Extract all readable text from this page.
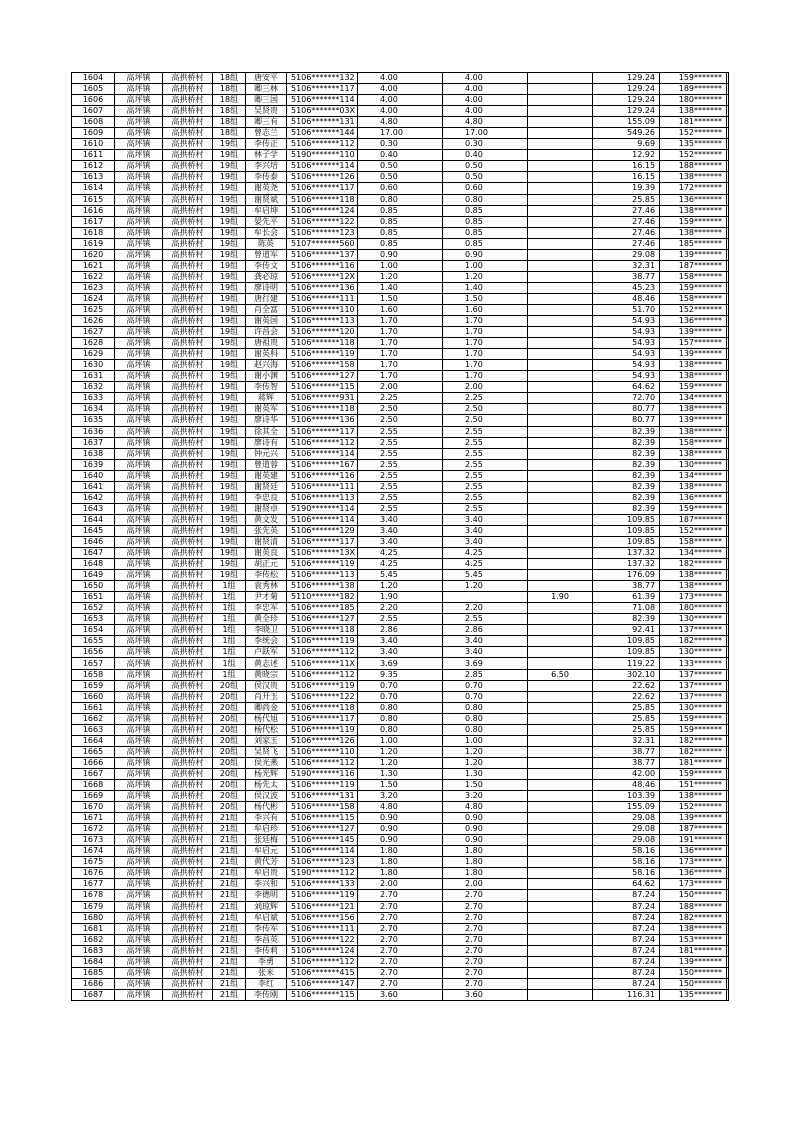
1604	高坪镇	高拱桥村	18组	唐安平	5106*******132	4.00	4.00		129.24	159*******	
1605	高坪镇	高拱桥村	18组	卿三林	5106*******117	4.00	4.00		129.24	189*******	
1606	高坪镇	高拱桥村	18组	卿三国	5106*******114	4.00	4.00		129.24	180*******	
1607	高坪镇	高拱桥村	18组	吴贤贵	5106*******03X	4.00	4.00		129.24	138*******	
1608	高坪镇	高拱桥村	18组	卿三有	5106*******131	4.80	4.80		155.09	181*******	
1609	高坪镇	高拱桥村	18组	曾志兰	5106*******144	17.00	17.00		549.26	152*******	
1610	高坪镇	高拱桥村	19组	李传正	5106*******112	0.30	0.30		9.69	135*******	
1611	高坪镇	高拱桥村	19组	林子学	5190*******110	0.40	0.40		12.92	152*******	
1612	高坪镇	高拱桥村	19组	李兴培	5106*******114	0.50	0.50		16.15	188*******	
1613	高坪镇	高拱桥村	19组	李传泰	5106*******126	0.50	0.50		16.15	138*******	
1614	高坪镇	高拱桥村	19组	谢英尧	5106*******117	0.60	0.60		19.39	172*******	
1615	高坪镇	高拱桥村	19组	谢贤斌	5106*******118	0.80	0.80		25.85	136*******	
1616	高坪镇	高拱桥村	19组	牟启坤	5106*******124	0.85	0.85		27.46	138*******	
1617	高坪镇	高拱桥村	19组	晏先平	5106*******122	0.85	0.85		27.46	159*******	
1618	高坪镇	高拱桥村	19组	牟长会	5106*******123	0.85	0.85		27.46	138*******	
1619	高坪镇	高拱桥村	19组	陈英	5107*******560	0.85	0.85		27.46	185*******	
1620	高坪镇	高拱桥村	19组	曾道军	5106*******137	0.90	0.90		29.08	139*******	
1621	高坪镇	高拱桥村	19组	李传文	5106*******116	1.00	1.00		32.31	187*******	
1622	高坪镇	高拱桥村	19组	龚必琼	5106*******12X	1.20	1.20		38.77	158*******	
1623	高坪镇	高拱桥村	19组	廖诗明	5106*******136	1.40	1.40		45.23	159*******	
1624	高坪镇	高拱桥村	19组	唐行建	5106*******111	1.50	1.50		48.46	158*******	
1625	高坪镇	高拱桥村	19组	肖全富	5106*******110	1.60	1.60		51.70	152*******	
1626	高坪镇	高拱桥村	19组	谢英国	5106*******113	1.70	1.70		54.93	136*******	
1627	高坪镇	高拱桥村	19组	许昌会	5106*******120	1.70	1.70		54.93	139*******	
1628	高坪镇	高拱桥村	19组	唐祖贵	5106*******118	1.70	1.70		54.93	157*******	
1629	高坪镇	高拱桥村	19组	谢英科	5106*******119	1.70	1.70		54.93	139*******	
1630	高坪镇	高拱桥村	19组	赵兴海	5106*******158	1.70	1.70		54.93	138*******	
1631	高坪镇	高拱桥村	19组	谢小渊	5106*******127	1.70	1.70		54.93	138*******	
1632	高坪镇	高拱桥村	19组	李传智	5106*******115	2.00	2.00		64.62	159*******	
1633	高坪镇	高拱桥村	19组	蒋辉	5106*******931	2.25	2.25		72.70	134*******	
1634	高坪镇	高拱桥村	19组	谢英军	5106*******118	2.50	2.50		80.77	138*******	
1635	高坪镇	高拱桥村	19组	廖诗华	5106*******136	2.50	2.50		80.77	139*******	
1636	高坪镇	高拱桥村	19组	徐其全	5106*******117	2.55	2.55		82.39	138*******	
1637	高坪镇	高拱桥村	19组	廖诗有	5106*******112	2.55	2.55		82.39	158*******	
1638	高坪镇	高拱桥村	19组	钟元兴	5106*******114	2.55	2.55		82.39	138*******	
1639	高坪镇	高拱桥村	19组	曾道蓉	5106*******167	2.55	2.55		82.39	130*******	
1640	高坪镇	高拱桥村	19组	谢英建	5106*******116	2.55	2.55		82.39	134*******	
1641	高坪镇	高拱桥村	19组	谢贤廷	5106*******111	2.55	2.55		82.39	138*******	
1642	高坪镇	高拱桥村	19组	李忠良	5106*******113	2.55	2.55		82.39	136*******	
1643	高坪镇	高拱桥村	19组	谢贤卓	5190*******114	2.55	2.55		82.39	159*******	
1644	高坪镇	高拱桥村	19组	黄文发	5106*******114	3.40	3.40		109.85	187*******	
1645	高坪镇	高拱桥村	19组	张先英	5106*******129	3.40	3.40		109.85	152*******	
1646	高坪镇	高拱桥村	19组	谢贤清	5106*******117	3.40	3.40		109.85	158*******	
1647	高坪镇	高拱桥村	19组	谢英良	5106*******13X	4.25	4.25		137.32	134*******	
1648	高坪镇	高拱桥村	19组	胡正元	5106*******119	4.25	4.25		137.32	182*******	
1649	高坪镇	高拱桥村	19组	李传松	5106*******113	5.45	5.45		176.09	138*******	
1650	高坪镇	高拱桥村	1组	袁秀林	5106*******138	1.20	1.20		38.77	138*******	
1651	高坪镇	高拱桥村	1组	尹才菊	5110*******182	1.90		1.90	61.39	173*******	
1652	高坪镇	高拱桥村	1组	李忠军	5106*******185	2.20	2.20		71.08	180*******	
1653	高坪镇	高拱桥村	1组	黄全珍	5106*******127	2.55	2.55		82.39	130*******	
1654	高坪镇	高拱桥村	1组	李晓卫	5106*******118	2.86	2.86		92.41	137*******	
1655	高坪镇	高拱桥村	1组	李统会	5106*******119	3.40	3.40		109.85	182*******	
1656	高坪镇	高拱桥村	1组	卢跃军	5106*******112	3.40	3.40		109.85	130*******	
1657	高坪镇	高拱桥村	1组	黄志述	5106*******11X	3.69	3.69		119.22	133*******	
1658	高坪镇	高拱桥村	1组	黄晓宗	5106*******112	9.35	2.85	6.50	302.10	137*******	
1659	高坪镇	高拱桥村	20组	侯汉贵	5106*******119	0.70	0.70		22.62	137*******	
1660	高坪镇	高拱桥村	20组	肖开玉	5106*******122	0.70	0.70		22.62	137*******	
1661	高坪镇	高拱桥村	20组	卿尚金	5106*******118	0.80	0.80		25.85	130*******	
1662	高坪镇	高拱桥村	20组	杨代旭	5106*******117	0.80	0.80		25.85	159*******	
1663	高坪镇	高拱桥村	20组	杨代松	5106*******119	0.80	0.80		25.85	159*******	
1664	高坪镇	高拱桥村	20组	刘家玉	5106*******126	1.00	1.00		32.31	182*******	
1665	高坪镇	高拱桥村	20组	吴贤飞	5106*******110	1.20	1.20		38.77	182*******	
1666	高坪镇	高拱桥村	20组	侯光燕	5106*******112	1.20	1.20		38.77	181*******	
1667	高坪镇	高拱桥村	20组	杨光辉	5190*******116	1.30	1.30		42.00	159*******	
1668	高坪镇	高拱桥村	20组	杨先太	5106*******119	1.50	1.50		48.46	151*******	
1669	高坪镇	高拱桥村	20组	侯汉波	5106*******131	3.20	3.20		103.39	138*******	
1670	高坪镇	高拱桥村	20组	杨代彬	5106*******158	4.80	4.80		155.09	152*******	
1671	高坪镇	高拱桥村	21组	李兴有	5106*******115	0.90	0.90		29.08	139*******	
1672	高坪镇	高拱桥村	21组	牟启珍	5106*******127	0.90	0.90		29.08	187*******	
1673	高坪镇	高拱桥村	21组	张廷梅	5106*******145	0.90	0.90		29.08	191*******	
1674	高坪镇	高拱桥村	21组	牟启元	5106*******114	1.80	1.80		58.16	136*******	
1675	高坪镇	高拱桥村	21组	黄代芳	5106*******123	1.80	1.80		58.16	173*******	
1676	高坪镇	高拱桥村	21组	牟启贵	5190*******112	1.80	1.80		58.16	136*******	
1677	高坪镇	高拱桥村	21组	李兴和	5106*******133	2.00	2.00		64.62	173*******	
1678	高坪镇	高拱桥村	21组	李德明	5106*******119	2.70	2.70		87.24	150*******	
1679	高坪镇	高拱桥村	21组	刘琼辉	5106*******121	2.70	2.70		87.24	188*******	
1680	高坪镇	高拱桥村	21组	牟启斌	5106*******156	2.70	2.70		87.24	182*******	
1681	高坪镇	高拱桥村	21组	李传军	5106*******111	2.70	2.70		87.24	138*******	
1682	高坪镇	高拱桥村	21组	李昌英	5106*******122	2.70	2.70		87.24	153*******	
1683	高坪镇	高拱桥村	21组	李传莉	5106*******124	2.70	2.70		87.24	181*******	
1684	高坪镇	高拱桥村	21组	李勇	5106*******112	2.70	2.70		87.24	139*******	
1685	高坪镇	高拱桥村	21组	张米	5106*******415	2.70	2.70		87.24	150*******	
1686	高坪镇	高拱桥村	21组	李红	5106*******147	2.70	2.70		87.24	150*******	
1687	高坪镇	高拱桥村	21组	李传刚	5106*******115	3.60	3.60		116.31	135*******	
